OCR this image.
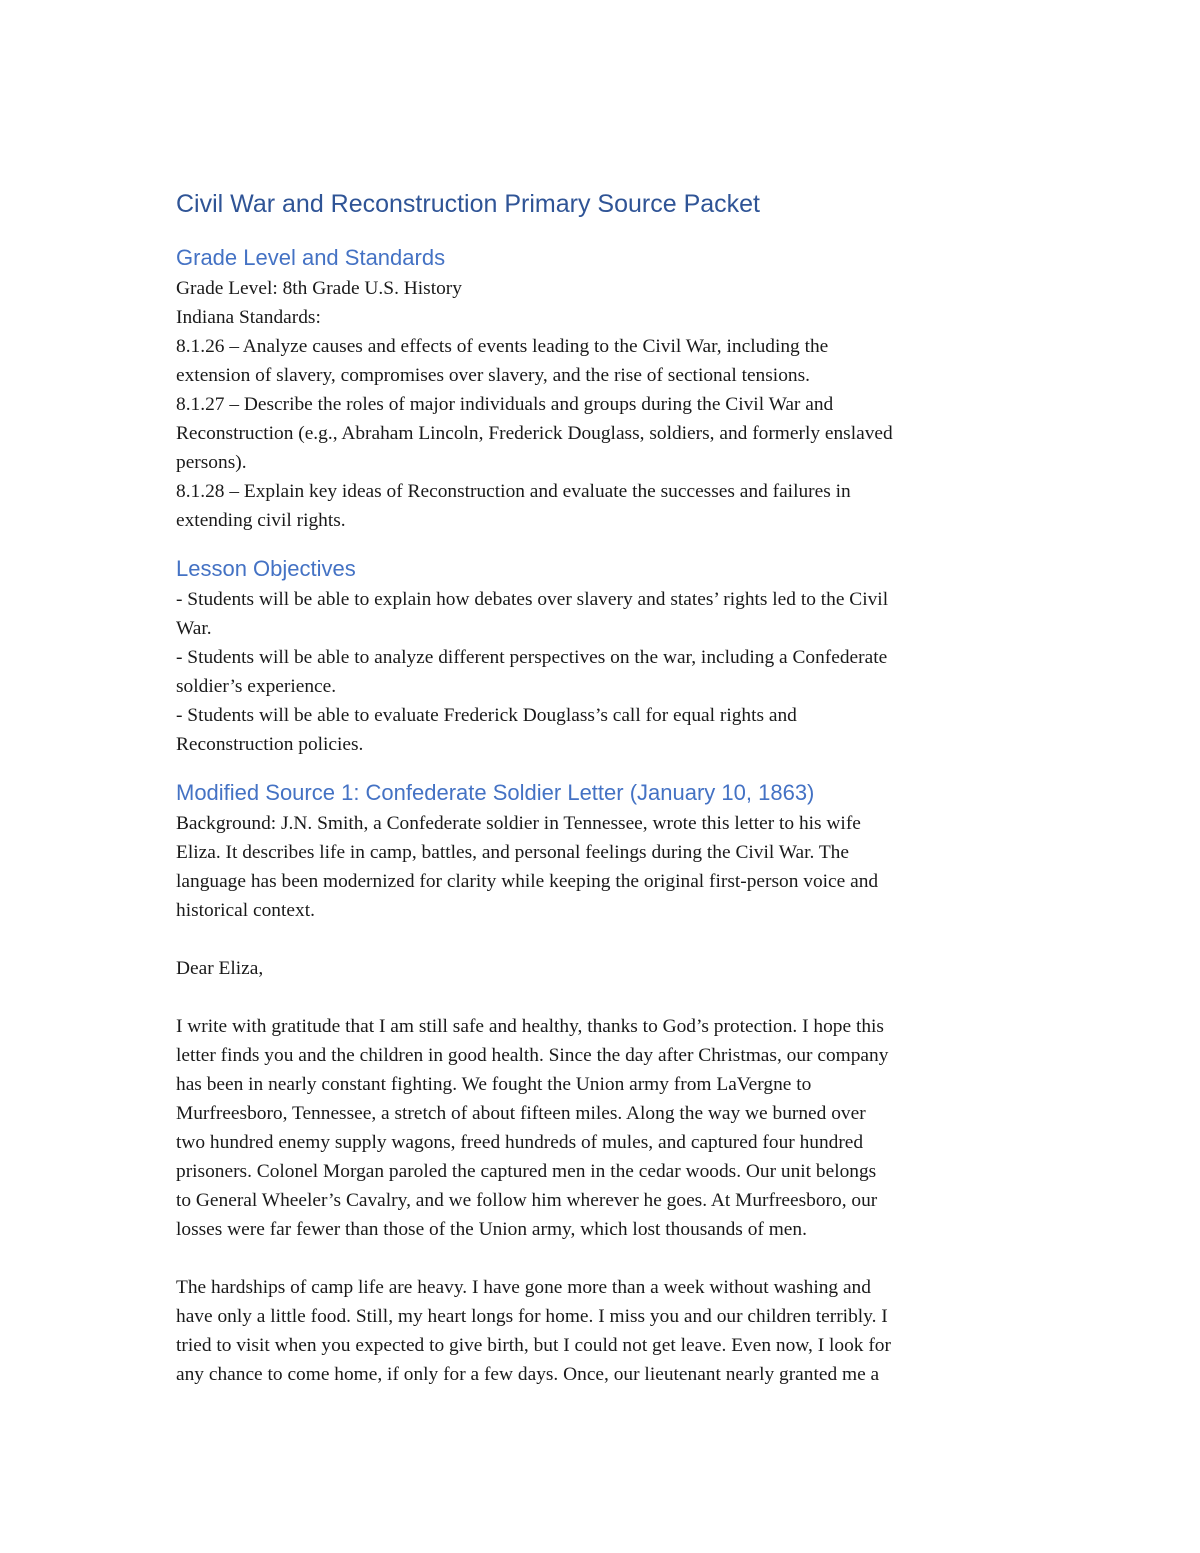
Civil War and Reconstruction Primary Source Packet
Grade Level and Standards

Grade Level: 8th Grade U.S. History

Indiana Standards:

8.1.26 – Analyze causes and effects of events leading to the Civil War, including the

extension of slavery, compromises over slavery, and the rise of sectional tensions.

8.1.27 – Describe the roles of major individuals and groups during the Civil War and

Reconstruction (e.g., Abraham Lincoln, Frederick Douglass, soldiers, and formerly enslaved

persons).

8.1.28 – Explain key ideas of Reconstruction and evaluate the successes and failures in

extending civil rights.

Lesson Objectives

- Students will be able to explain how debates over slavery and states’ rights led to the Civil

War.

- Students will be able to analyze different perspectives on the war, including a Confederate

soldier’s experience.

- Students will be able to evaluate Frederick Douglass’s call for equal rights and

Reconstruction policies.

Modified Source 1: Confederate Soldier Letter (January 10, 1863)

Background: J.N. Smith, a Confederate soldier in Tennessee, wrote this letter to his wife

Eliza. It describes life in camp, battles, and personal feelings during the Civil War. The

language has been modernized for clarity while keeping the original first-person voice and

historical context.

Dear Eliza,

I write with gratitude that I am still safe and healthy, thanks to God’s protection. I hope this

letter finds you and the children in good health. Since the day after Christmas, our company

has been in nearly constant fighting. We fought the Union army from LaVergne to

Murfreesboro, Tennessee, a stretch of about fifteen miles. Along the way we burned over

two hundred enemy supply wagons, freed hundreds of mules, and captured four hundred

prisoners. Colonel Morgan paroled the captured men in the cedar woods. Our unit belongs

to General Wheeler’s Cavalry, and we follow him wherever he goes. At Murfreesboro, our

losses were far fewer than those of the Union army, which lost thousands of men.

The hardships of camp life are heavy. I have gone more than a week without washing and

have only a little food. Still, my heart longs for home. I miss you and our children terribly. I

tried to visit when you expected to give birth, but I could not get leave. Even now, I look for

any chance to come home, if only for a few days. Once, our lieutenant nearly granted me a
